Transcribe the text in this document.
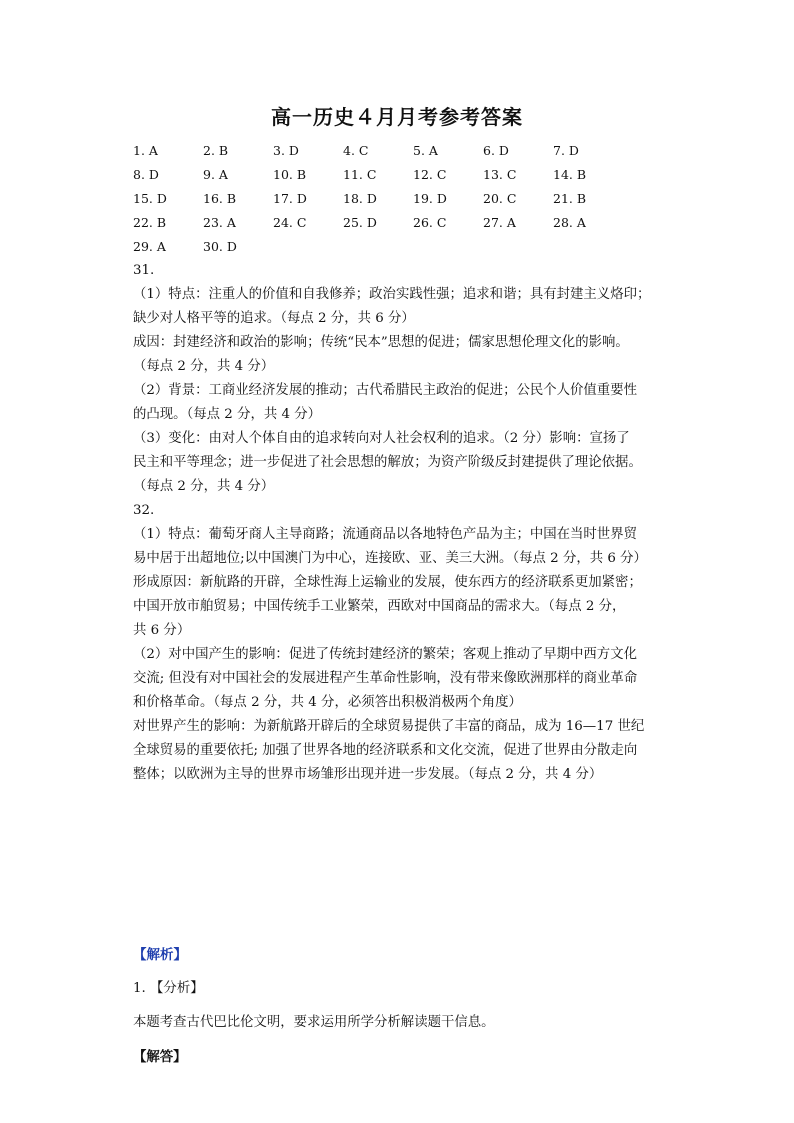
高一历史４月月考参考答案
1. A	2. B	3. D	4. C	5. A	6. D	7. D
8. D	9. A	10. B	11. C	12. C	13. C	14. B
15. D	16. B	17. D	18. D	19. D	20. C	21. B
22. B	23. A	24. C	25. D	26. C	27. A	28. A
29. A	30. D
31.
（1）特点：注重人的价值和自我修养；政治实践性强；追求和谐；具有封建主义烙印；
缺少对人格平等的追求。（每点 2 分，共 6 分）
成因：封建经济和政治的影响；传统“民本”思想的促进；儒家思想伦理文化的影响。
（每点 2 分，共 4 分）
（2）背景：工商业经济发展的推动；古代希腊民主政治的促进；公民个人价值重要性
的凸现。（每点 2 分，共 4 分）
（3）变化：由对人个体自由的追求转向对人社会权利的追求。（2 分）影响：宣扬了
民主和平等理念；进一步促进了社会思想的解放；为资产阶级反封建提供了理论依据。
（每点 2 分，共 4 分）
32.
（1）特点：葡萄牙商人主导商路；流通商品以各地特色产品为主；中国在当时世界贸
易中居于出超地位;以中国澳门为中心，连接欧、亚、美三大洲。（每点 2 分，共 6 分）
形成原因：新航路的开辟，全球性海上运输业的发展，使东西方的经济联系更加紧密；
中国开放市舶贸易；中国传统手工业繁荣，西欧对中国商品的需求大。（每点 2 分，
共 6 分）
（2）对中国产生的影响：促进了传统封建经济的繁荣；客观上推动了早期中西方文化
交流; 但没有对中国社会的发展进程产生革命性影响，没有带来像欧洲那样的商业革命
和价格革命。（每点 2 分，共 4 分，必须答出积极消极两个角度）
对世界产生的影响：为新航路开辟后的全球贸易提供了丰富的商品，成为 16—17 世纪
全球贸易的重要依托; 加强了世界各地的经济联系和文化交流，促进了世界由分散走向
整体；以欧洲为主导的世界市场雏形出现并进一步发展。（每点 2 分，共 4 分）
【解析】
1. 【分析】
本题考查古代巴比伦文明，要求运用所学分析解读题干信息。
【解答】
